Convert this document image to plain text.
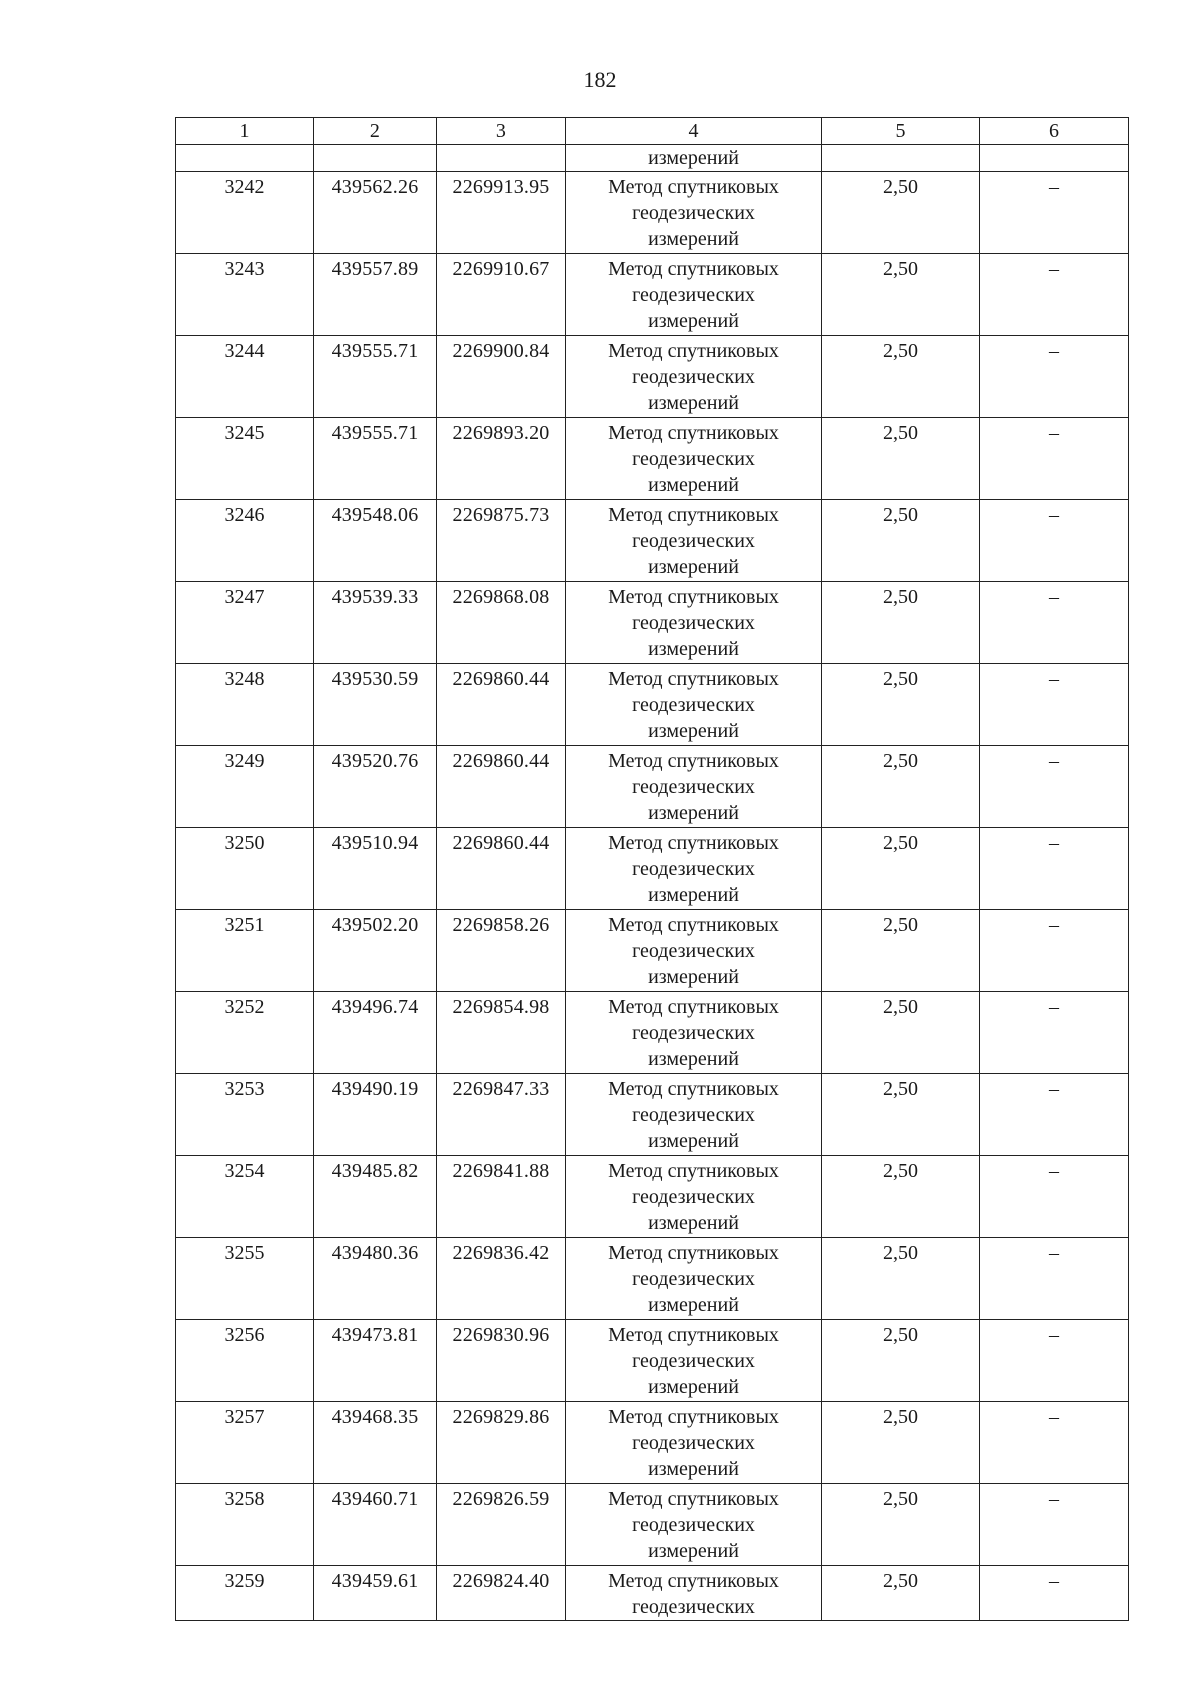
182
1	2	3	4	5	6
			измерений		
3242	439562.26	2269913.95	Метод спутниковых
геодезических
измерений	2,50	–
3243	439557.89	2269910.67	Метод спутниковых
геодезических
измерений	2,50	–
3244	439555.71	2269900.84	Метод спутниковых
геодезических
измерений	2,50	–
3245	439555.71	2269893.20	Метод спутниковых
геодезических
измерений	2,50	–
3246	439548.06	2269875.73	Метод спутниковых
геодезических
измерений	2,50	–
3247	439539.33	2269868.08	Метод спутниковых
геодезических
измерений	2,50	–
3248	439530.59	2269860.44	Метод спутниковых
геодезических
измерений	2,50	–
3249	439520.76	2269860.44	Метод спутниковых
геодезических
измерений	2,50	–
3250	439510.94	2269860.44	Метод спутниковых
геодезических
измерений	2,50	–
3251	439502.20	2269858.26	Метод спутниковых
геодезических
измерений	2,50	–
3252	439496.74	2269854.98	Метод спутниковых
геодезических
измерений	2,50	–
3253	439490.19	2269847.33	Метод спутниковых
геодезических
измерений	2,50	–
3254	439485.82	2269841.88	Метод спутниковых
геодезических
измерений	2,50	–
3255	439480.36	2269836.42	Метод спутниковых
геодезических
измерений	2,50	–
3256	439473.81	2269830.96	Метод спутниковых
геодезических
измерений	2,50	–
3257	439468.35	2269829.86	Метод спутниковых
геодезических
измерений	2,50	–
3258	439460.71	2269826.59	Метод спутниковых
геодезических
измерений	2,50	–
3259	439459.61	2269824.40	Метод спутниковых
геодезических	2,50	–
